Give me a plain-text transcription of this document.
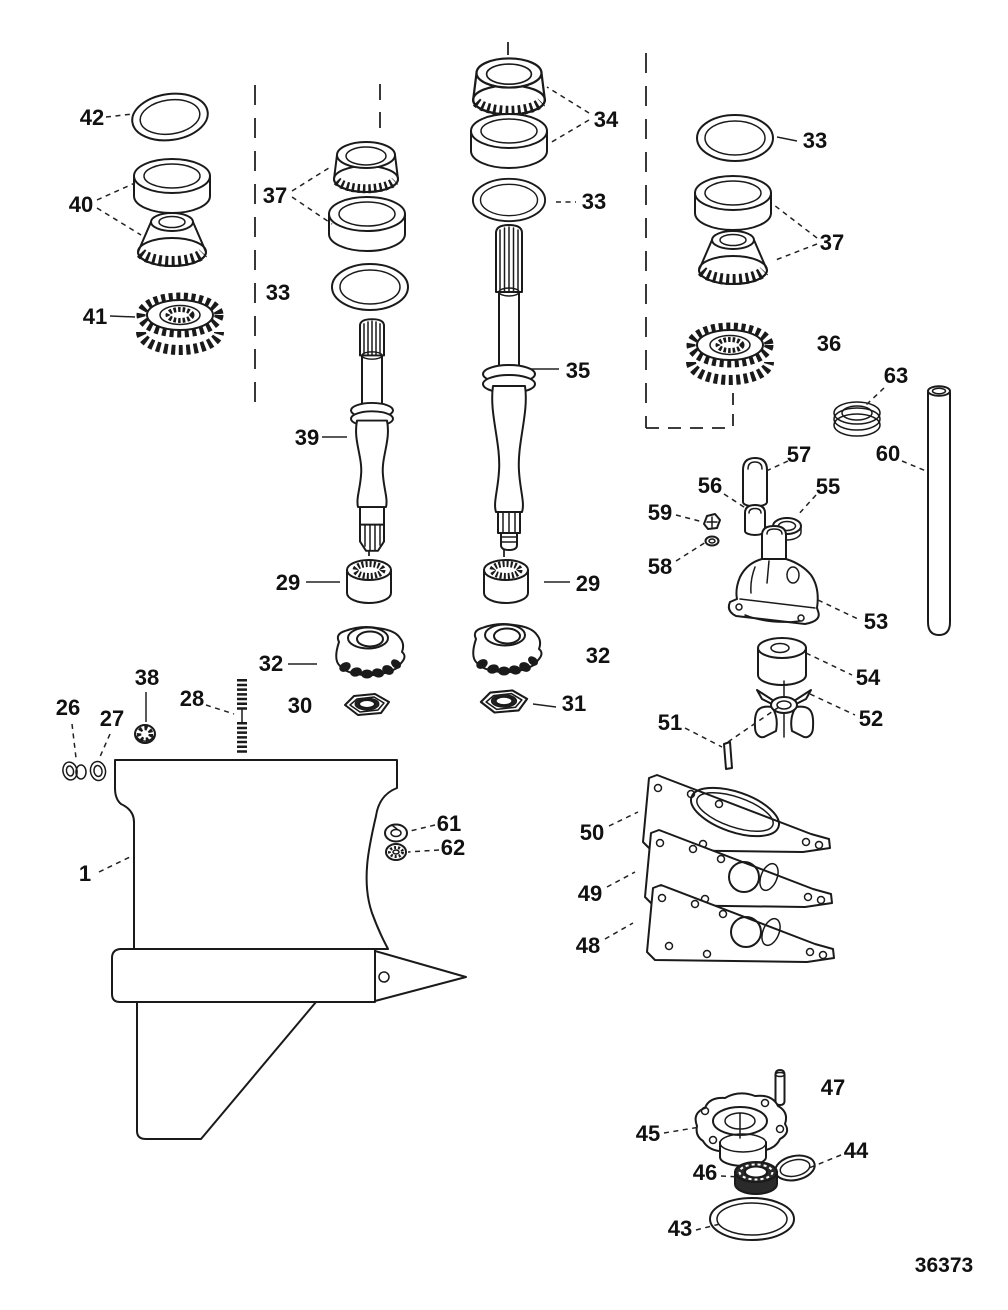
1
26 27
28
29	29
30	31
32	32
33
33
33
34
35
36
37
37
38
39
40
41
42
43
44
45
46
47
48
49
50
51	52
53
54
55
56
57
58
59
60
61
62
63
36373
